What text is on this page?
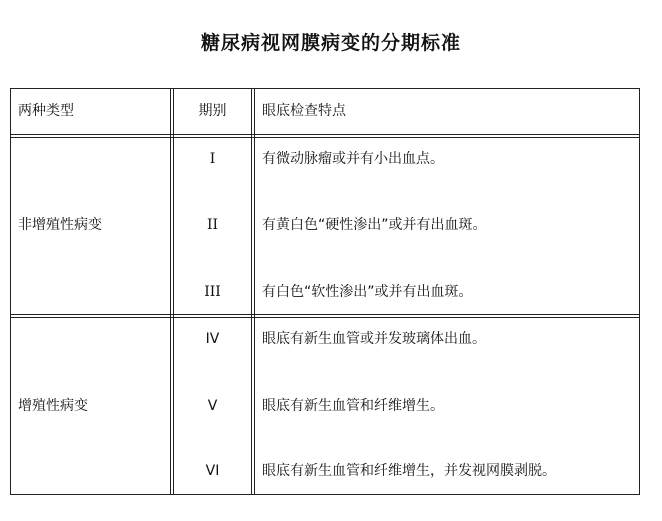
糖尿病视网膜病变的分期标准
两种类型	期别	眼底检查特点
非增殖性病变
I	有微动脉瘤或并有小出血点。
II	有黄白色“硬性渗出”或并有出血斑。
III	有白色“软性渗出”或并有出血斑。
增殖性病变
IV	眼底有新生血管或并发玻璃体出血。
V	眼底有新生血管和纤维增生。
VI	眼底有新生血管和纤维增生，并发视网膜剥脱。
